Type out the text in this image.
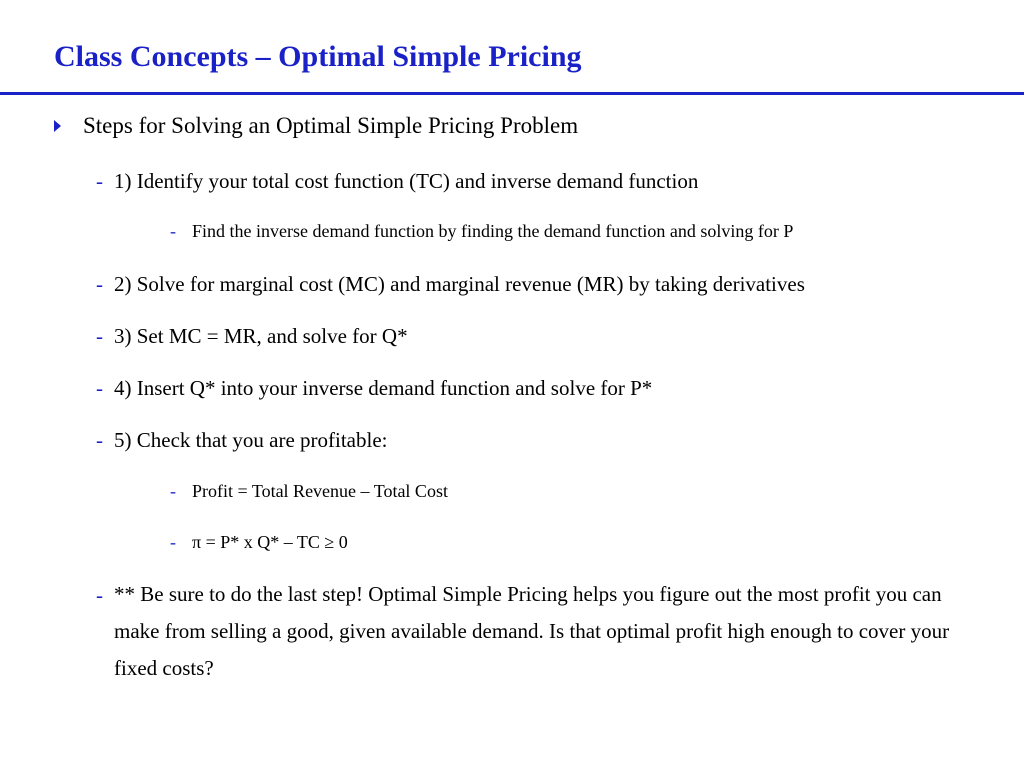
Class Concepts – Optimal Simple Pricing
Steps for Solving an Optimal Simple Pricing Problem
- 1) Identify your total cost function (TC) and inverse demand function
- Find the inverse demand function by finding the demand function and solving for P
- 2) Solve for marginal cost (MC) and marginal revenue (MR) by taking derivatives
- 3) Set MC = MR, and solve for Q*
- 4) Insert Q* into your inverse demand function and solve for P*
- 5) Check that you are profitable:
- Profit = Total Revenue – Total Cost
- π = P* x Q* – TC ≥ 0
- ** Be sure to do the last step! Optimal Simple Pricing helps you figure out the most profit you can make from selling a good, given available demand. Is that optimal profit high enough to cover your fixed costs?
